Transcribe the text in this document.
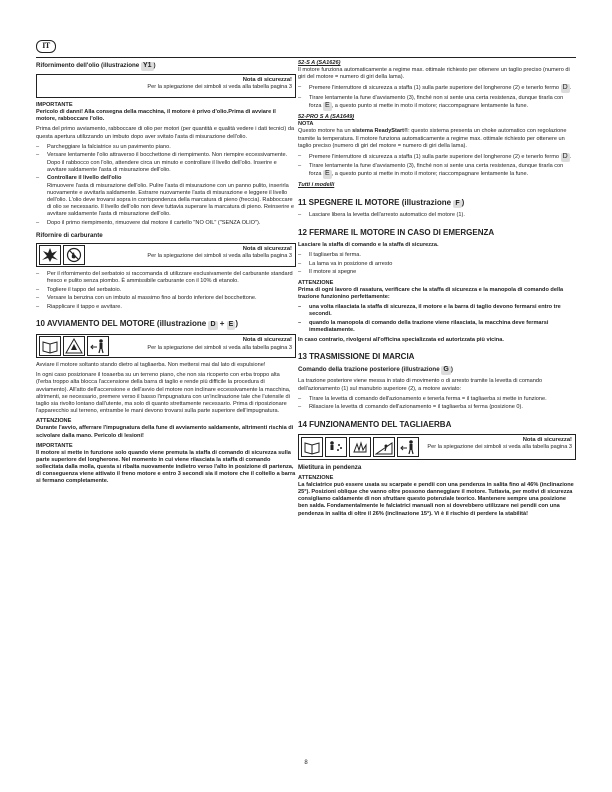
IT
Rifornimento dell'olio (illustrazione Y1 )
Nota di sicurezza!
Per la spiegazione dei simboli si veda alla tabella pagina 3
IMPORTANTE

Pericolo di danni! Alla consegna della macchina, il motore è privo d'olio.Prima di avviare il motore, rabboccare l'olio.

Prima del primo avviamento, rabboccare di olio per motori (per quantità e qualità vedere i dati tecnici) da questa apertura utilizzando un imbuto dopo aver svitato l'asta di misurazione dell'olio.

– Parcheggiare la falciatrice su un pavimento piano.
– Versare lentamente l'olio attraverso il bocchettone di riempimento. Non riempire eccessivamente. Dopo il rabbocco con l'olio, attendere circa un minuto e controllare il livello dell'olio. Inserire e avvitare saldamente l'asta di misurazione dell'olio.
– Controllare il livello dell'olio
Rimuovere l'asta di misurazione dell'olio. Pulire l'asta di misurazione con un panno pulito, inserirla nuovamente e avvitarla saldamente. Estrarre nuovamente l'asta di misurazione e leggere il livello dell'olio. L'olio deve trovarsi sopra in corrispondenza della marcatura di pieno (freccia). Rabboccare di olio se necessario. Il livello dell'olio non deve tuttavia superare la marcatura di pieno. Reinserire e avvitare saldamente l'asta di misurazione dell'olio.
– Dopo il primo riempimento, rimuovere dal motore il cartello "NO OIL" ("SENZA OLIO").
Rifornire di carburante
Nota di sicurezza!
Per la spiegazione dei simboli si veda alla tabella pagina 3
– Per il rifornimento del serbatoio si raccomanda di utilizzare esclusivamente del carburante standard fresco e pulito senza piombo. È ammissibile carburante con il 10% di etanolo.
– Togliere il tappo del serbatoio.
– Versare la benzina con un imbuto al massimo fino al bordo inferiore del bocchettone.
– Riapplicare il tappo e avvitare.
10 AVVIAMENTO DEL MOTORE (illustrazione D + E )
Nota di sicurezza!
Per la spiegazione dei simboli si veda alla tabella pagina 3

Avviare il motore soltanto stando dietro al tagliaerba. Non mettersi mai dal lato di espulsione!

In ogni caso posizionare il tosaerba su un terreno piano, che non sia ricoperto con erba troppo alta (l'erba troppo alta blocca l'accensione della barra di taglio e rende più difficile la procedura di avviamento). All'atto dell'accensione e dell'avvio del motore non inclinare eccessivamente la macchina, altrimenti, se necessario, premere verso il basso l'impugnatura con un'inclinazione tale che l'utensile di taglio sia rivolto lontano dall'utente, ma solo di quanto strettamente necessario. Prima di riposizionare l'apparecchio sul terreno, entrambe le mani devono trovarsi sulla parte superiore dell'impugnatura.

ATTENZIONE

Durante l'avvio, afferrare l'impugnatura della fune di avviamento saldamente, altrimenti rischia di scivolare dalla mano. Pericolo di lesioni!

IMPORTANTE

Il motore si mette in funzione solo quando viene premuta la staffa di comando di sicurezza sulla parte superiore del longherone. Nel momento in cui viene rilasciata la staffa di comando sollecitata dalla molla, questa si ribalta nuovamente indietro verso l'alto in posizione di partenza, di conseguenza viene attivato il freno motore e entro 3 secondi sia il motore che il coltello a barra si fermano completamente.

52-S A (SA1626)

Il motore funziona automaticamente a regime max. ottimale richiesto per ottenere un taglio preciso (numero di giri del motore = numero di giri della lama).

– Premere l'interruttore di sicurezza a staffa (1) sulla parte superiore del longherone (2) e tenerlo fermo D .
– Tirare lentamente la fune d'avviamento (3), finché non si sente una certa resistenza, dunque tirarla con forza E , a questo punto si mette in moto il motore; riaccompagnare lentamente la fune.
52-PRO S A (SA1649)
NOTA

Questo motore ha un sistema ReadyStart®: questo sistema presenta un choke automatico con regolazione tramite la temperatura. Il motore funziona automaticamente a regime max. ottimale richiesto per ottenere un taglio preciso (numero di giri del motore = numero di giri della lama).

– Premere l'interruttore di sicurezza a staffa (1) sulla parte superiore del longherone (2) e tenerlo fermo D .
– Tirare lentamente la fune d'avviamento (3), finché non si sente una certa resistenza, dunque tirarla con forza E , a questo punto si mette in moto il motore; riaccompagnare lentamente la fune.
Tutti i modelli
11 SPEGNERE IL MOTORE (illustrazione F )
– Lasciare libera la levetta dell'arresto automatico del motore (1).
12 FERMARE IL MOTORE IN CASO DI EMERGENZA

Lasciare la staffa di comando e la staffa di sicurezza.

– Il tagliaerba si ferma.
– La lama va in posizione di arresto
– Il motore si spegne
ATTENZIONE

Prima di ogni lavoro di rasatura, verificare che la staffa di sicurezza e la manopola di comando della trazione funzionino perfettamente:

– una volta rilasciata la staffa di sicurezza, il motore e la barra di taglio devono fermarsi entro tre secondi.
– quando la manopola di comando della trazione viene rilasciata, la macchina deve fermarsi immediatamente.

In caso contrario, rivolgersi all'officina specializzata ed autorizzata più vicina.

13 TRASMISSIONE DI MARCIA
Comando della trazione posteriore (illustrazione G )

La trazione posteriore viene messa in stato di movimento o di arresto tramite la levetta di comando dell'azionamento (1) sul manubrio superiore (2), a motore avviato:

– Tirare la levetta di comando dell'azionamento e tenerla ferma = il tagliaerba si mette in funzione.
– Rilasciare la levetta di comando dell'azionamento = il tagliaerba si ferma (posizione 0).
14 FUNZIONAMENTO DEL TAGLIAERBA
Nota di sicurezza!
Per la spiegazione dei simboli si veda alla tabella pagina 3
Mietitura in pendenza
ATTENZIONE

La falciatrice può essere usata su scarpate e pendii con una pendenza in salita fino al 46% (inclinazione 25°). Posizioni oblique che vanno oltre possono danneggiare il motore. Tuttavia, per motivi di sicurezza consigliamo caldamente di non sfruttare questo potenziale teorico. Mantenere sempre una posizione ben salda. Fondamentalmente le falciatrici manuali non si dovrebbero utilizzare nei pendii con una pendenza in salita di oltre il 26% (inclinazione 15°). Vi è il rischio di perdere la stabilità!

8
